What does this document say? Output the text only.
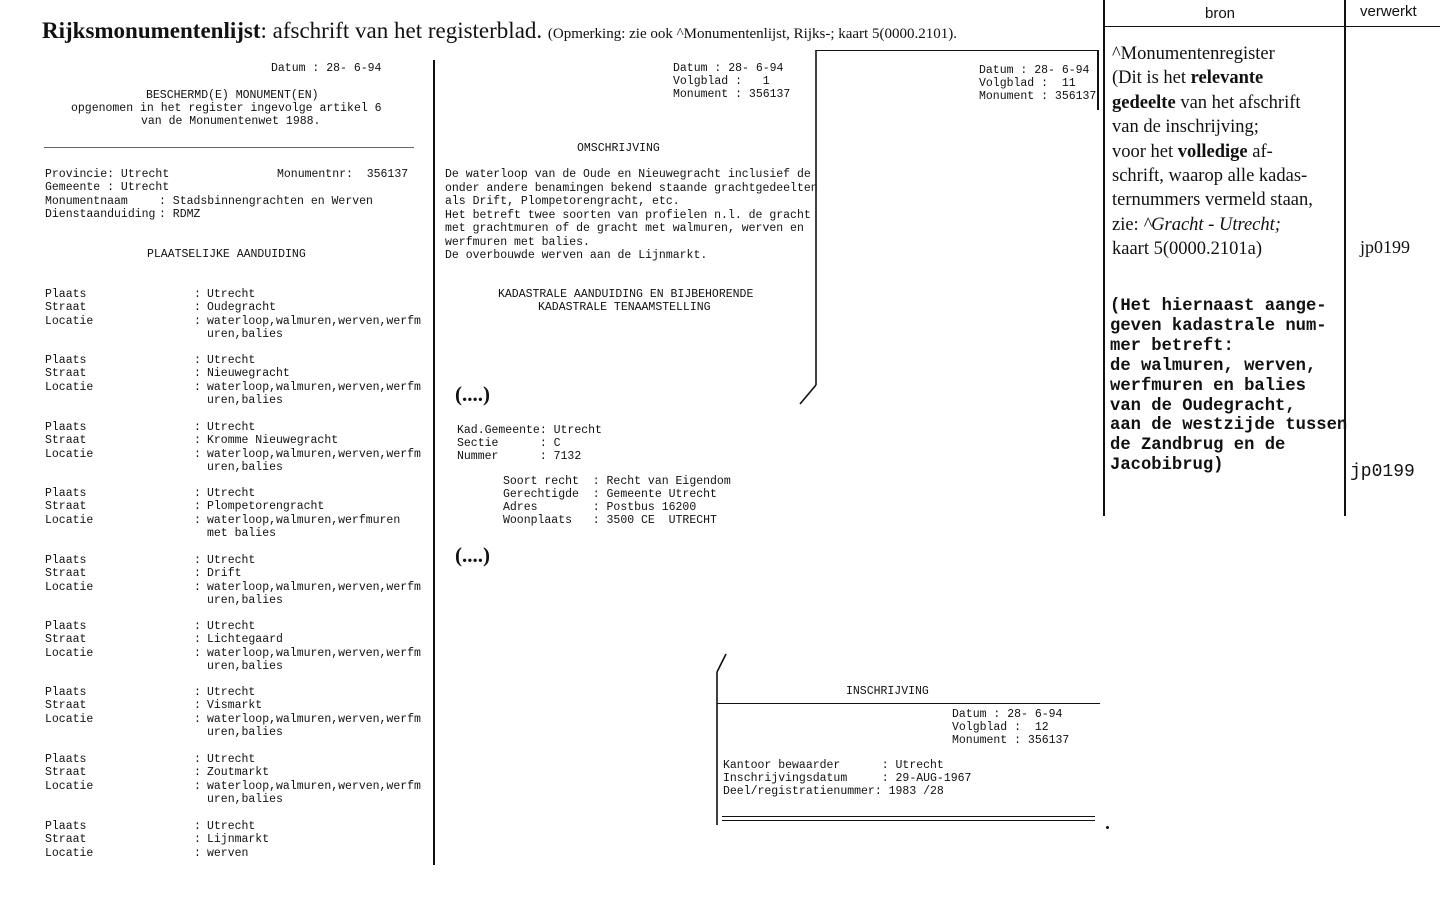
Rijksmonumentenlijst: afschrift van het registerblad. (Opmerking: zie ook ^Monumentenlijst, Rijks-; kaart 5(0000.2101).
bron	verwerkt
Datum : 28- 6-94
BESCHERMD(E) MONUMENT(EN)
opgenomen in het register ingevolge artikel 6
van de Monumentenwet 1988.
Provincie: Utrecht	Monumentnr:  356137
Gemeente : Utrecht
Monumentnaam	: Stadsbinnengrachten en Werven
Dienstaanduiding : RDMZ
PLAATSELIJKE AANDUIDING
Plaats	: Utrecht
Straat	: Oudegracht
Locatie	: waterloop,walmuren,werven,werfm
uren,balies
Plaats	: Utrecht
Straat	: Nieuwegracht
Locatie	: waterloop,walmuren,werven,werfm
uren,balies
Plaats	: Utrecht
Straat	: Kromme Nieuwegracht
Locatie	: waterloop,walmuren,werven,werfm
uren,balies
Plaats	: Utrecht
Straat	: Plompetorengracht
Locatie	: waterloop,walmuren,werfmuren
met balies
Plaats	: Utrecht
Straat	: Drift
Locatie	: waterloop,walmuren,werven,werfm
uren,balies
Plaats	: Utrecht
Straat	: Lichtegaard
Locatie	: waterloop,walmuren,werven,werfm
uren,balies
Plaats	: Utrecht
Straat	: Vismarkt
Locatie	: waterloop,walmuren,werven,werfm
uren,balies
Plaats	: Utrecht
Straat	: Zoutmarkt
Locatie	: waterloop,walmuren,werven,werfm
uren,balies
Plaats	: Utrecht
Straat	: Lijnmarkt
Locatie	: werven
Datum : 28- 6-94
Volgblad :   1
Monument : 356137
OMSCHRIJVING
De waterloop van de Oude en Nieuwegracht inclusief de
onder andere benamingen bekend staande grachtgedeelten
als Drift, Plompetorengracht, etc.
Het betreft twee soorten van profielen n.l. de gracht
met grachtmuren of de gracht met walmuren, werven en
werfmuren met balies.
De overbouwde werven aan de Lijnmarkt.
KADASTRALE AANDUIDING EN BIJBEHORENDE
KADASTRALE TENAAMSTELLING
(....)
Kad.Gemeente: Utrecht
Sectie      : C
Nummer      : 7132
Soort recht  : Recht van Eigendom
Gerechtigde  : Gemeente Utrecht
Adres        : Postbus 16200
Woonplaats   : 3500 CE  UTRECHT
(....)
Datum : 28- 6-94
Volgblad :  11
Monument : 356137
INSCHRIJVING
Datum : 28- 6-94
Volgblad :  12
Monument : 356137
Kantoor bewaarder      : Utrecht
Inschrijvingsdatum     : 29-AUG-1967
Deel/registratienummer: 1983 /28
^Monumentenregister
(Dit is het relevante
gedeelte van het afschrift
van de inschrijving;
voor het volledige af-
schrift, waarop alle kadas-
ternummers vermeld staan,
zie: ^Gracht - Utrecht;
kaart 5(0000.2101a)	jp0199
(Het hiernaast aange-
geven kadastrale num-
mer betreft:
de walmuren, werven,
werfmuren en balies
van de Oudegracht,
aan de westzijde tussen
de Zandbrug en de
Jacobibrug)	jp0199
